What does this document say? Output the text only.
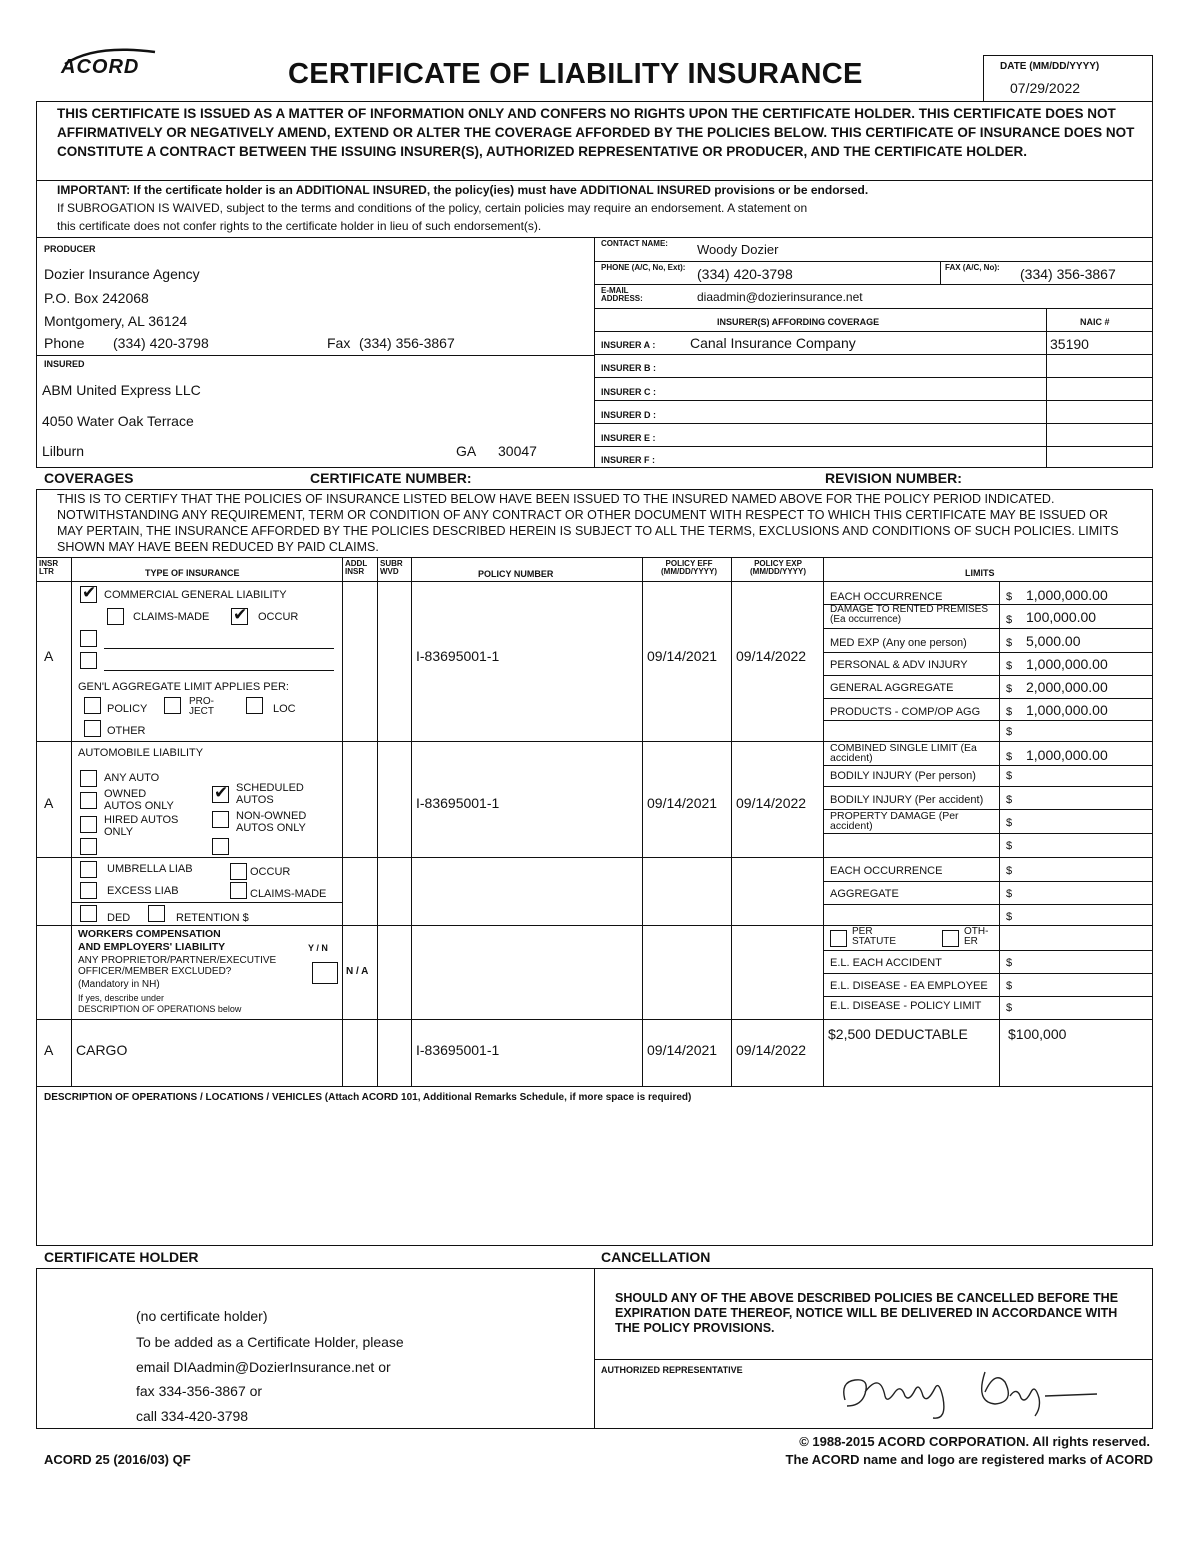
ACORD	CERTIFICATE OF LIABILITY INSURANCE	DATE (MM/DD/YYYY)
07/29/2022
THIS CERTIFICATE IS ISSUED AS A MATTER OF INFORMATION ONLY AND CONFERS NO RIGHTS UPON THE CERTIFICATE HOLDER. THIS CERTIFICATE DOES NOT AFFIRMATIVELY OR NEGATIVELY AMEND, EXTEND OR ALTER THE COVERAGE AFFORDED BY THE POLICIES BELOW. THIS CERTIFICATE OF INSURANCE DOES NOT CONSTITUTE A CONTRACT BETWEEN THE ISSUING INSURER(S), AUTHORIZED REPRESENTATIVE OR PRODUCER, AND THE CERTIFICATE HOLDER.
IMPORTANT: If the certificate holder is an ADDITIONAL INSURED, the policy(ies) must have ADDITIONAL INSURED provisions or be endorsed.
If SUBROGATION IS WAIVED, subject to the terms and conditions of the policy, certain policies may require an endorsement. A statement on
this certificate does not confer rights to the certificate holder in lieu of such endorsement(s).
PRODUCER
Dozier Insurance Agency
P.O. Box 242068
Montgomery, AL 36124
Phone (334) 420-3798	Fax (334) 356-3867
INSURED
ABM United Express LLC
4050 Water Oak Terrace
Lilburn	GA 30047
CONTACT NAME: Woody Dozier
PHONE (A/C, No, Ext): (334) 420-3798	FAX (A/C, No):	(334) 356-3867
E-MAIL ADDRESS:	diaadmin@dozierinsurance.net
INSURER(S) AFFORDING COVERAGE	NAIC #
INSURER A : Canal Insurance Company	35190
INSURER B :
INSURER C :
INSURER D :
INSURER E :
INSURER F :
COVERAGES	CERTIFICATE NUMBER:	REVISION NUMBER:
THIS IS TO CERTIFY THAT THE POLICIES OF INSURANCE LISTED BELOW HAVE BEEN ISSUED TO THE INSURED NAMED ABOVE FOR THE POLICY PERIOD INDICATED. NOTWITHSTANDING ANY REQUIREMENT, TERM OR CONDITION OF ANY CONTRACT OR OTHER DOCUMENT WITH RESPECT TO WHICH THIS CERTIFICATE MAY BE ISSUED OR MAY PERTAIN, THE INSURANCE AFFORDED BY THE POLICIES DESCRIBED HEREIN IS SUBJECT TO ALL THE TERMS, EXCLUSIONS AND CONDITIONS OF SUCH POLICIES. LIMITS SHOWN MAY HAVE BEEN REDUCED BY PAID CLAIMS.
INSR LTR	TYPE OF INSURANCE
ADDL INSR
SUBR WVD	POLICY NUMBER
POLICY EFF (MM/DD/YYYY)
POLICY EXP (MM/DD/YYYY)	LIMITS
✔
COMMERCIAL GENERAL LIABILITY
CLAIMS-MADE
✔	OCCUR
GEN'L AGGREGATE LIMIT APPLIES PER:
POLICY
PRO-JECT	LOC
OTHER
A	I-83695001-1	09/14/2021 09/14/2022
EACH OCCURRENCE	$ 1,000,000.00
DAMAGE TO RENTED PREMISES (Ea occurrence)	$ 100,000.00
MED EXP (Any one person)	$ 5,000.00
PERSONAL & ADV INJURY	$ 1,000,000.00
GENERAL AGGREGATE	$ 2,000,000.00
PRODUCTS - COMP/OP AGG $ 1,000,000.00
$
AUTOMOBILE LIABILITY
ANY AUTO
OWNED AUTOS ONLY
✔
SCHEDULED AUTOS
HIRED AUTOS ONLY
NON-OWNED AUTOS ONLY
A	I-83695001-1	09/14/2021 09/14/2022
COMBINED SINGLE LIMIT (Ea accident)	$ 1,000,000.00
BODILY INJURY (Per person)	$
BODILY INJURY (Per accident) $
PROPERTY DAMAGE (Per accident)	$
$
UMBRELLA LIAB	OCCUR
EXCESS LIAB	CLAIMS-MADE
DED	RETENTION $
EACH OCCURRENCE	$
AGGREGATE	$
$
WORKERS COMPENSATION
AND EMPLOYERS' LIABILITY	Y / N
ANY PROPRIETOR/PARTNER/EXECUTIVE
OFFICER/MEMBER EXCLUDED?
(Mandatory in NH)
If yes, describe under
DESCRIPTION OF OPERATIONS below
N / A
PER STATUTE
OTH-ER
E.L. EACH ACCIDENT	$
E.L. DISEASE - EA EMPLOYEE $
E.L. DISEASE - POLICY LIMIT $
A CARGO	I-83695001-1	09/14/2021 09/14/2022
$2,500 DEDUCTABLE	$100,000
DESCRIPTION OF OPERATIONS / LOCATIONS / VEHICLES (Attach ACORD 101, Additional Remarks Schedule, if more space is required)
CERTIFICATE HOLDER	CANCELLATION
(no certificate holder)
To be added as a Certificate Holder, please
email DIAadmin@DozierInsurance.net or
fax 334-356-3867 or
call 334-420-3798
SHOULD ANY OF THE ABOVE DESCRIBED POLICIES BE CANCELLED BEFORE THE EXPIRATION DATE THEREOF, NOTICE WILL BE DELIVERED IN ACCORDANCE WITH THE POLICY PROVISIONS.
AUTHORIZED REPRESENTATIVE
ACORD 25 (2016/03) QF
© 1988-2015 ACORD CORPORATION. All rights reserved.
The ACORD name and logo are registered marks of ACORD
